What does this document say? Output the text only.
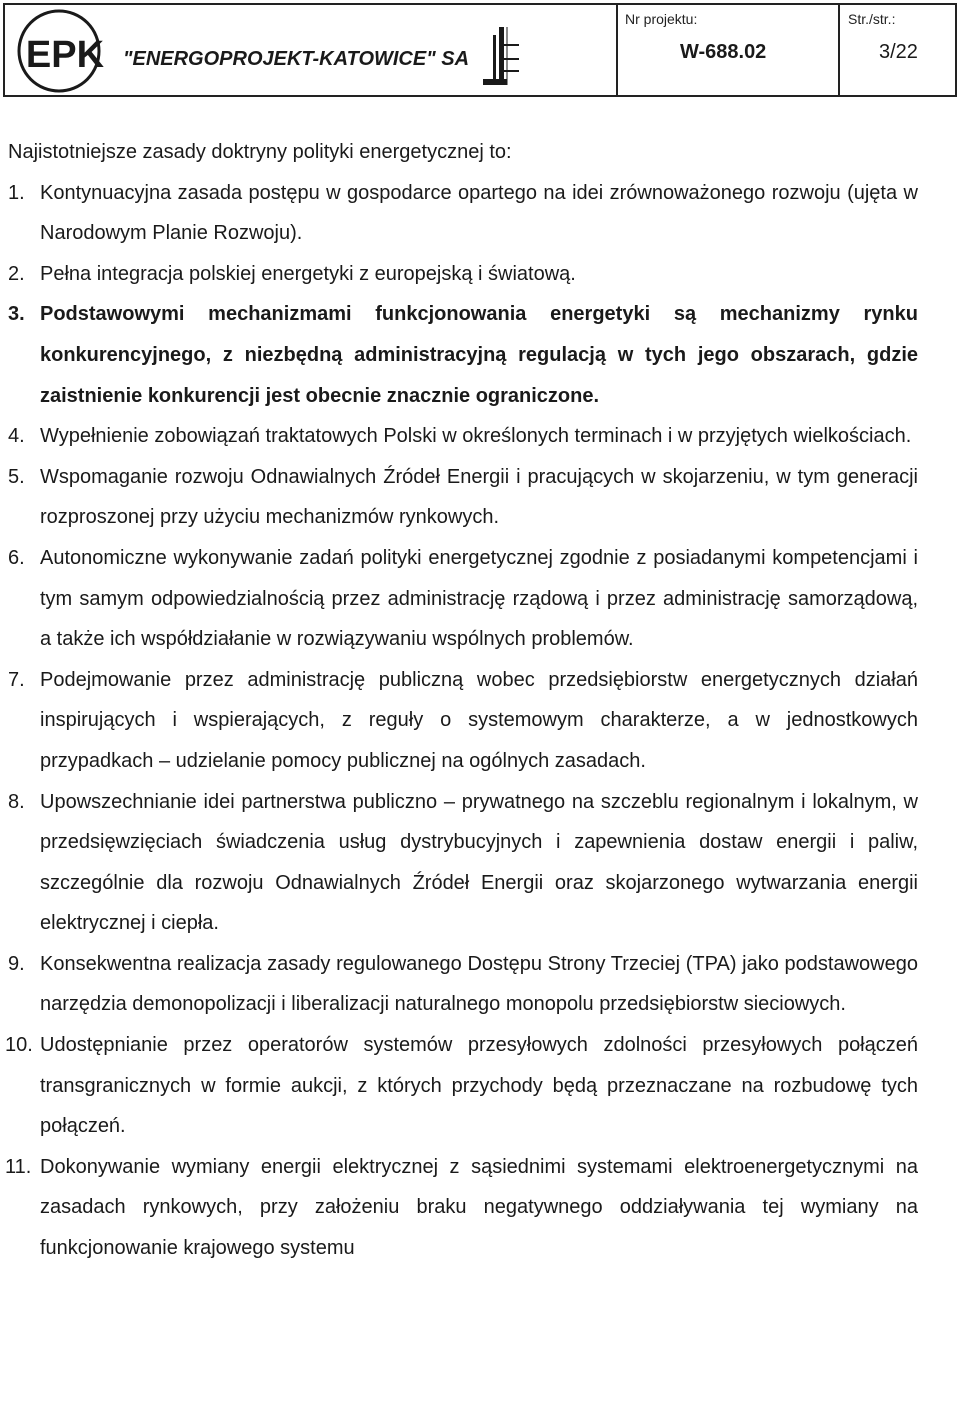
EPK "ENERGOPROJEKT-KATOWICE" SA
Nr projektu:
W-688.02
Str./str.:
3/22

Najistotniejsze zasady doktryny polityki energetycznej to:

1. Kontynuacyjna zasada postępu w gospodarce opartego na idei zrównoważonego rozwoju (ujęta w Narodowym Planie Rozwoju).
2. Pełna integracja polskiej energetyki z europejską i światową.
3. Podstawowymi mechanizmami funkcjonowania energetyki są mechanizmy rynku konkurencyjnego, z niezbędną administracyjną regulacją w tych jego obszarach, gdzie zaistnienie konkurencji jest obecnie znacznie ograniczone.
4. Wypełnienie zobowiązań traktatowych Polski w określonych terminach i w przyjętych wielkościach.
5. Wspomaganie rozwoju Odnawialnych Źródeł Energii i pracujących w skojarzeniu, w tym generacji rozproszonej przy użyciu mechanizmów rynkowych.
6. Autonomiczne wykonywanie zadań polityki energetycznej zgodnie z posiadanymi kompetencjami i tym samym odpowiedzialnością przez administrację rządową i przez administrację samorządową, a także ich współdziałanie w rozwiązywaniu wspólnych problemów.
7. Podejmowanie przez administrację publiczną wobec przedsiębiorstw energetycznych działań inspirujących i wspierających, z reguły o systemowym charakterze, a w jednostkowych przypadkach – udzielanie pomocy publicznej na ogólnych zasadach.
8. Upowszechnianie idei partnerstwa publiczno – prywatnego na szczeblu regionalnym i lokalnym, w przedsięwzięciach świadczenia usług dystrybucyjnych i zapewnienia dostaw energii i paliw, szczególnie dla rozwoju Odnawialnych Źródeł Energii oraz skojarzonego wytwarzania energii elektrycznej i ciepła.
9. Konsekwentna realizacja zasady regulowanego Dostępu Strony Trzeciej (TPA) jako podstawowego narzędzia demonopolizacji i liberalizacji naturalnego monopolu przedsiębiorstw sieciowych.
10. Udostępnianie przez operatorów systemów przesyłowych zdolności przesyłowych połączeń transgranicznych w formie aukcji, z których przychody będą przeznaczane na rozbudowę tych połączeń.
11. Dokonywanie wymiany energii elektrycznej z sąsiednimi systemami elektroenergetycznymi na zasadach rynkowych, przy założeniu braku negatywnego oddziaływania tej wymiany na funkcjonowanie krajowego systemu
